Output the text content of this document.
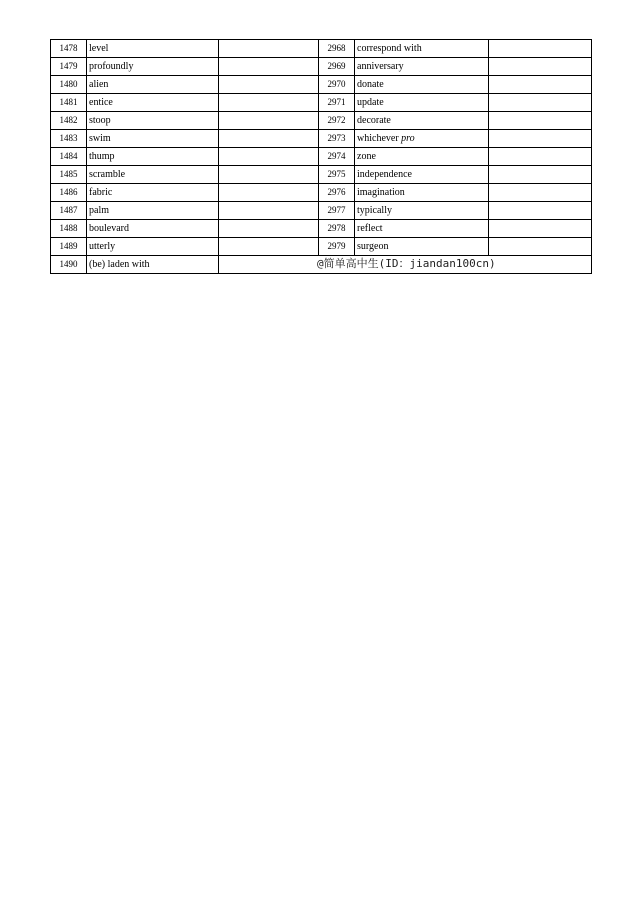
1478	level		2968	correspond with	
1479	profoundly		2969	anniversary	
1480	alien		2970	donate	
1481	entice		2971	update	
1482	stoop		2972	decorate	
1483	swim		2973	whichever pro	
1484	thump		2974	zone	
1485	scramble		2975	independence	
1486	fabric		2976	imagination	
1487	palm		2977	typically	
1488	boulevard		2978	reflect	
1489	utterly		2979	surgeon	
1490	(be) laden with	@简单高中生(ID：jiandan100cn)			
